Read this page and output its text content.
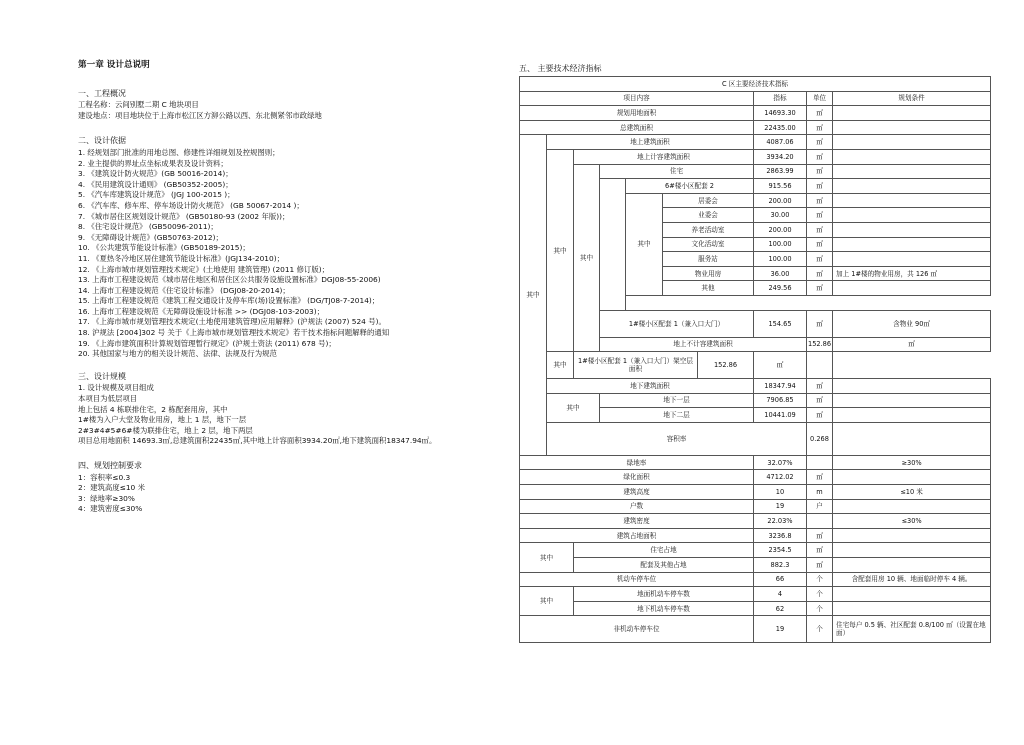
第一章 设计总说明
一、工程概况
工程名称：云间别墅二期 C 地块项目
建设地点：项目地块位于上海市松江区方泖公路以西、东北侧紧邻市政绿地
二、设计依据
1. 经规划部门批准的用地总图、修建性详细规划及控规图则；
2. 业主提供的界址点坐标成果表及设计资料；
3. 《建筑设计防火规范》(GB 50016-2014)；
4. 《民用建筑设计通则》 (GB50352-2005)；
5. 《汽车库建筑设计规范》 (JGJ 100-2015 )；
6. 《汽车库、修车库、停车场设计防火规范》 (GB 50067-2014 )；
7. 《城市居住区规划设计规范》 (GB50180-93 (2002 年版))；
8. 《住宅设计规范》 (GB50096-2011)；
9. 《无障碍设计规范》(GB50763-2012)；
10. 《公共建筑节能设计标准》(GB50189-2015)；
11. 《夏热冬冷地区居住建筑节能设计标准》(JGJ134-2010)；
12. 《上海市城市规划管理技术规定》(土地使用 建筑管理) (2011 修订版)；
13. 上海市工程建设规范《城市居住地区和居住区公共服务设施设置标准》DGJ08-55-2006)
14. 上海市工程建设规范《住宅设计标准》 (DGJ08-20-2014)；
15. 上海市工程建设规范《建筑工程交通设计及停车库(场)设置标准》 (DG/TJ08-7-2014)；
16. 上海市工程建设规范《无障碍设施设计标准 >> (DGJ08-103-2003)；
17. 《上海市城市规划管理技术规定(土地使用建筑管理)应用解释》(沪规法 (2007) 524 号)。
18. 沪规法 [2004]302 号 关于《上海市城市规划管理技术规定》若干技术指标问题解释的通知
19. 《上海市建筑面积计算规划管理暂行规定》(沪规土资法 (2011) 678 号)；
20. 其他国家与地方的相关设计规范、法律、法规及行为规范
三、设计规模
1. 设计规模及项目组成
本项目为低层项目
地上包括 4 栋联排住宅，2 栋配套用房，其中
1#楼为入户大堂及物业用房，地上 1 层，地下一层
2#3#4#5#6#楼为联排住宅，地上 2 层，地下两层
项目总用地面积 14693.3㎡,总建筑面积22435㎡,其中地上计容面积3934.20㎡,地下建筑面积18347.94㎡。
四、规划控制要求
1：容积率≤0.3
2：建筑高度≤10 米
3：绿地率≥30%
4：建筑密度≤30%
五、 主要技术经济指标
C 区主要经济技术指标										
项目内容							指标	单位	规划条件	
规划用地面积							14693.30	㎡		
总建筑面积							22435.00	㎡		
其中	地上建筑面积						4087.06	㎡		
	其中	地上计容建筑面积					3934.20	㎡		
		其中	住宅				2863.99	㎡		
				6#楼小区配套 2			915.56	㎡		
				其中	居委会		200.00	㎡		
					业委会		30.00	㎡		
					养老活动室		200.00	㎡		
					文化活动室		100.00	㎡		
					服务站		100.00	㎡		
					物业用房		36.00	㎡	加上 1#楼的物业用房，共 126 ㎡	
					其他		249.56	㎡		

			1#楼小区配套 1（兼入口大门）				154.65	㎡	含物业 90㎡	
			地上不计容建筑面积					152.86	㎡	
	其中	1#楼小区配套 1（兼入口大门）架空层面积				152.86	㎡			
	地下建筑面积						18347.94	㎡		
	其中		地下一层				7906.85	㎡		
			地下二层				10441.09	㎡		
	容积率							0.268		
绿地率							32.07%		≥30%	
绿化面积							4712.02	㎡		
建筑高度							10	m	≤10 米	
户数							19	户		
建筑密度							22.03%		≤30%	
建筑占地面积							3236.8	㎡		
其中		住宅占地					2354.5	㎡		
		配套及其他占地					882.3	㎡		
机动车停车位							66	个	含配套用房 10 辆、地面临时停车 4 辆。	
其中		地面机动车停车数					4	个		
		地下机动车停车数					62	个		
非机动车停车位							19	个	住宅每户 0.5 辆、社区配套 0.8/100 ㎡（设置在地面）	
